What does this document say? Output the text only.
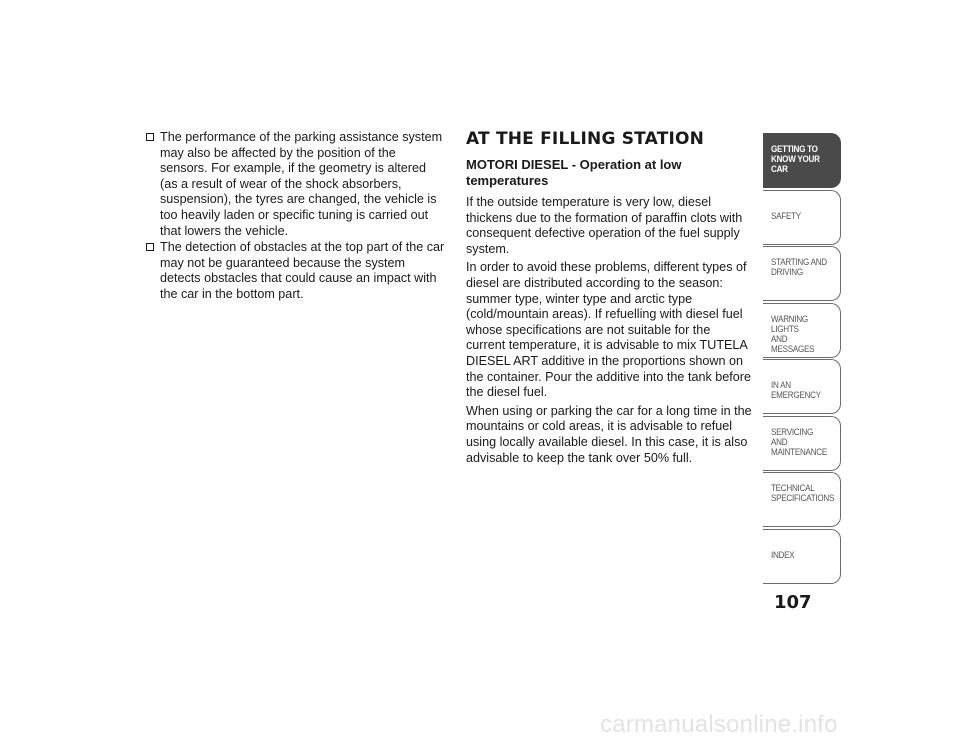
The performance of the parking assistance system may also be affected by the position of the sensors. For example, if the geometry is altered (as a result of wear of the shock absorbers, suspension), the tyres are changed, the vehicle is too heavily laden or specific tuning is carried out that lowers the vehicle.
The detection of obstacles at the top part of the car may not be guaranteed because the system detects obstacles that could cause an impact with the car in the bottom part.
AT THE FILLING STATION
MOTORI DIESEL - Operation at low temperatures

If the outside temperature is very low, diesel thickens due to the formation of paraffin clots with consequent defective operation of the fuel supply system.

In order to avoid these problems, different types of diesel are distributed according to the season: summer type, winter type and arctic type (cold/mountain areas). If refuelling with diesel fuel whose specifications are not suitable for the current temperature, it is advisable to mix TUTELA DIESEL ART additive in the proportions shown on the container. Pour the additive into the tank before the diesel fuel.

When using or parking the car for a long time in the mountains or cold areas, it is advisable to refuel using locally available diesel. In this case, it is also advisable to keep the tank over 50% full.

GETTING TO
KNOW YOUR CAR
SAFETY
STARTING AND
DRIVING
WARNING LIGHTS
AND MESSAGES
IN AN EMERGENCY
SERVICING AND
MAINTENANCE
TECHNICAL
SPECIFICATIONS
INDEX
107
carmanualsonline.info
